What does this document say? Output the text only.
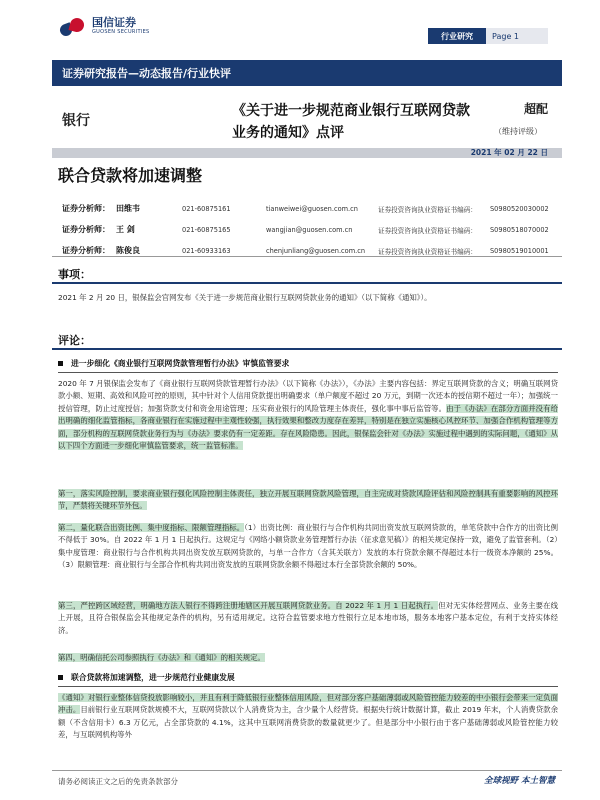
国信证券
GUOSEN SECURITIES	行业研究	Page 1
证券研究报告—动态报告/行业快评
银行
《关于进一步规范商业银行互联网贷款业务的通知》点评
超配
（维持评级）
2021 年 02 月 22 日
联合贷款将加速调整
证券分析师： 田维韦	021-60875161	tianweiwei@guosen.com.cn	证券投资咨询执业资格证书编码：	S0980520030002
证券分析师： 王 剑	021-60875165	wangjian@guosen.com.cn	证券投资咨询执业资格证书编码：	S0980518070002
证券分析师： 陈俊良	021-60933163	chenjunliang@guosen.com.cn	证券投资咨询执业资格证书编码：	S0980519010001
事项：
2021 年 2 月 20 日，银保监会官网发布《关于进一步规范商业银行互联网贷款业务的通知》（以下简称《通知》）。
评论：
进一步细化《商业银行互联网贷款管理暂行办法》审慎监管要求
2020 年 7 月银保监会发布了《商业银行互联网贷款管理暂行办法》（以下简称《办法》），《办法》主要内容包括：界定互联网贷款的含义；明确互联网贷款小额、短期、高效和风险可控的原则，其中针对个人信用贷款提出明确要求（单户额度不超过 20 万元，到期一次还本的授信期不超过一年）；加强统一授信管理，防止过度授信；加强贷款支付和资金用途管理；压实商业银行的风险管理主体责任，强化事中事后监管等。由于《办法》在部分方面并没有给出明确的细化监管指标，各商业银行在实施过程中主观性较强，执行效果和整改力度存在差异，特别是在独立实施核心风控环节、加强合作机构管理等方面，部分机构的互联网贷款业务行为与《办法》要求仍有一定差距。存在风险隐患。因此，银保监会针对《办法》实施过程中遇到的实际问题，《通知》从以下四个方面进一步细化审慎监管要求，统一监管标准。
第一，落实风险控制，要求商业银行强化风险控制主体责任，独立开展互联网贷款风险管理，自主完成对贷款风险评估和风险控制具有重要影响的风控环节，严禁将关键环节外包。
第二，量化联合出资比例、集中度指标、限额管理指标。（1）出资比例：商业银行与合作机构共同出资发放互联网贷款的，单笔贷款中合作方的出资比例不得低于 30%。自 2022 年 1 月 1 日起执行。这规定与《网络小额贷款业务管理暂行办法（征求意见稿）》的相关规定保持一致，避免了监管套利。（2）集中度管理：商业银行与合作机构共同出资发放互联网贷款的，与单一合作方（含其关联方）发放的本行贷款余额不得超过本行一级资本净额的 25%。（3）限额管理：商业银行与全部合作机构共同出资发放的互联网贷款余额不得超过本行全部贷款余额的 50%。
第三，严控跨区域经营，明确地方法人银行不得跨注册地辖区开展互联网贷款业务。自 2022 年 1 月 1 日起执行。但对无实体经营网点、业务主要在线上开展，且符合银保监会其他规定条件的机构，另有适用规定。这符合监管要求地方性银行立足本地市场，服务本地客户基本定位，有利于支持实体经济。
第四，明确信托公司参照执行《办法》和《通知》的相关规定。
联合贷款将加速调整，进一步规范行业健康发展
《通知》对银行业整体信贷投放影响较小，并且有利于降低银行业整体信用风险，但对部分客户基础薄弱或风险管控能力较差的中小银行会带来一定负面冲击。目前银行业互联网贷款规模不大，互联网贷款以个人消费贷为主，含少量个人经营贷。根据央行统计数据计算，截止 2019 年末，个人消费贷款余额（不含信用卡）6.3 万亿元，占全部贷款的 4.1%，这其中互联网消费贷款的数量就更少了。但是部分中小银行由于客户基础薄弱或风险管控能力较差，与互联网机构等外
请务必阅读正文之后的免责条款部分	全球视野 本土智慧
